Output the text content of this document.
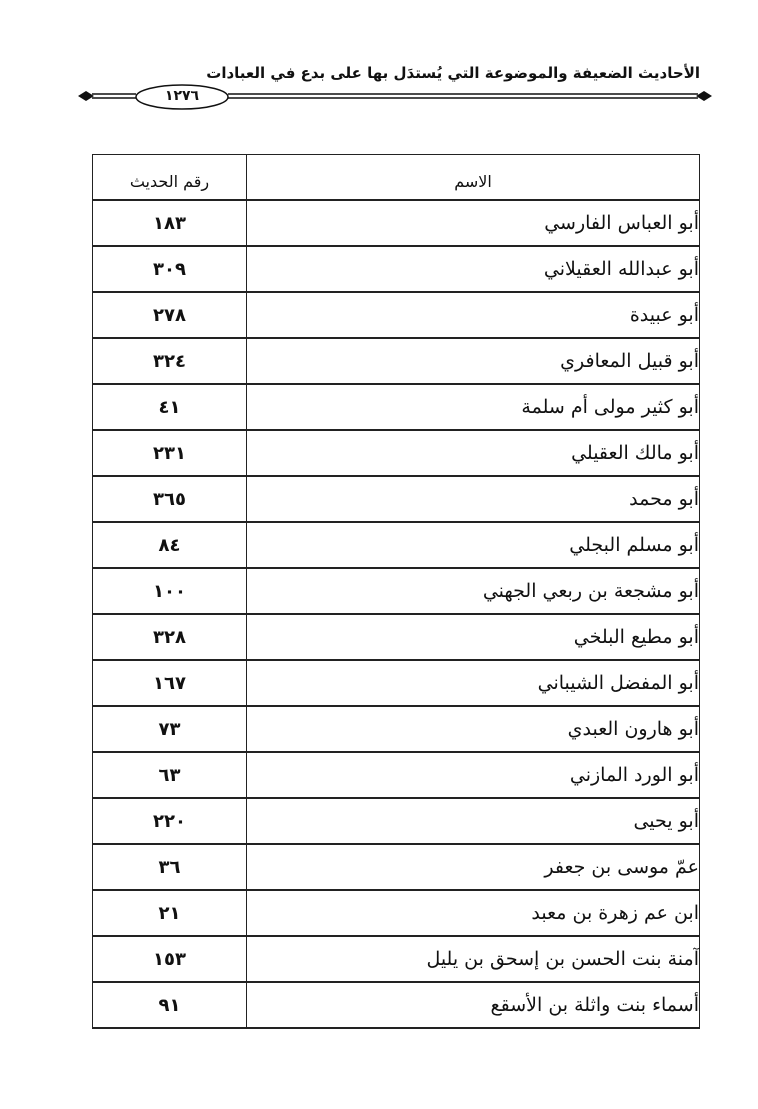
الأحاديث الضعيفة والموضوعة التي يُستدَل بها على بدع في العبادات
١٢٧٦
الاسم	رقم الحديث

أبو العباس الفارسي	١٨٣
أبو عبدالله العقيلاني	٣٠٩
أبو عبيدة	٢٧٨
أبو قبيل المعافري	٣٢٤
أبو كثير مولى أم سلمة	٤١
أبو مالك العقيلي	٢٣١
أبو محمد	٣٦٥
أبو مسلم البجلي	٨٤
أبو مشجعة بن ربعي الجهني	١٠٠
أبو مطيع البلخي	٣٢٨
أبو المفضل الشيباني	١٦٧
أبو هارون العبدي	٧٣
أبو الورد المازني	٦٣
أبو يحيى	٢٢٠
عمّ موسى بن جعفر	٣٦
ابن عم زهرة بن معبد	٢١
آمنة بنت الحسن بن إسحق بن يليل	١٥٣
أسماء بنت واثلة بن الأسقع	٩١
